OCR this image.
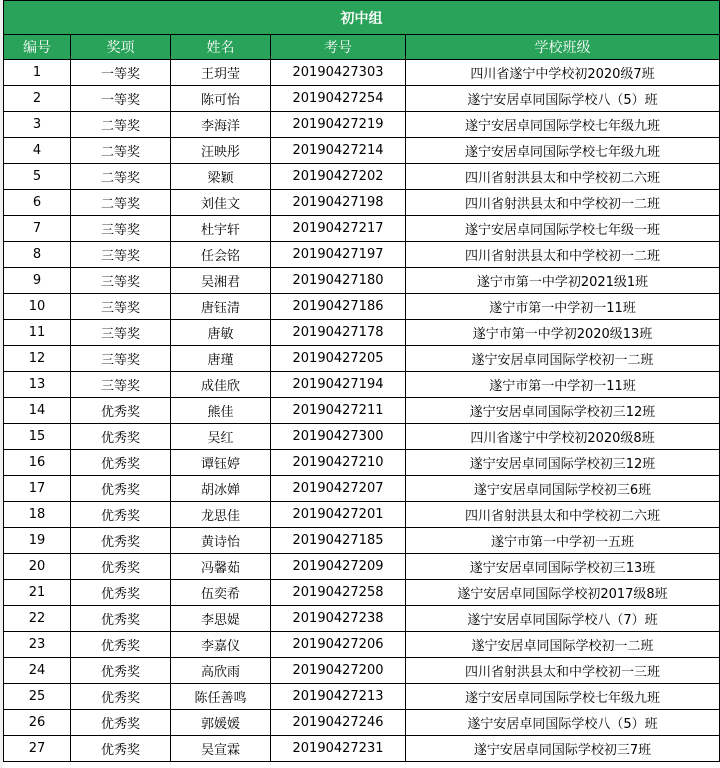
初中组				
编号	奖项	姓名	考号	学校班级
1	一等奖	王玥莹	20190427303	四川省遂宁中学校初2020级7班
2	一等奖	陈可怡	20190427254	遂宁安居卓同国际学校八（5）班
3	二等奖	李海洋	20190427219	遂宁安居卓同国际学校七年级九班
4	二等奖	汪映彤	20190427214	遂宁安居卓同国际学校七年级九班
5	二等奖	梁颖	20190427202	四川省射洪县太和中学校初二六班
6	二等奖	刘佳文	20190427198	四川省射洪县太和中学校初一二班
7	三等奖	杜宇轩	20190427217	遂宁安居卓同国际学校七年级一班
8	三等奖	任会铭	20190427197	四川省射洪县太和中学校初一二班
9	三等奖	吴湘君	20190427180	遂宁市第一中学初2021级1班
10	三等奖	唐钰清	20190427186	遂宁市第一中学初一11班
11	三等奖	唐敏	20190427178	遂宁市第一中学初2020级13班
12	三等奖	唐瑾	20190427205	遂宁安居卓同国际学校初一二班
13	三等奖	成佳欣	20190427194	遂宁市第一中学初一11班
14	优秀奖	熊佳	20190427211	遂宁安居卓同国际学校初三12班
15	优秀奖	吴红	20190427300	四川省遂宁中学校初2020级8班
16	优秀奖	谭钰婷	20190427210	遂宁安居卓同国际学校初三12班
17	优秀奖	胡冰婵	20190427207	遂宁安居卓同国际学校初三6班
18	优秀奖	龙思佳	20190427201	四川省射洪县太和中学校初二六班
19	优秀奖	黄诗怡	20190427185	遂宁市第一中学初一五班
20	优秀奖	冯馨茹	20190427209	遂宁安居卓同国际学校初三13班
21	优秀奖	伍奕希	20190427258	遂宁安居卓同国际学校初2017级8班
22	优秀奖	李思媞	20190427238	遂宁安居卓同国际学校八（7）班
23	优秀奖	李嘉仪	20190427206	遂宁安居卓同国际学校初一二班
24	优秀奖	高欣雨	20190427200	四川省射洪县太和中学校初一三班
25	优秀奖	陈任善鸣	20190427213	遂宁安居卓同国际学校七年级九班
26	优秀奖	郭媛媛	20190427246	遂宁安居卓同国际学校八（5）班
27	优秀奖	吴宣霖	20190427231	遂宁安居卓同国际学校初三7班
